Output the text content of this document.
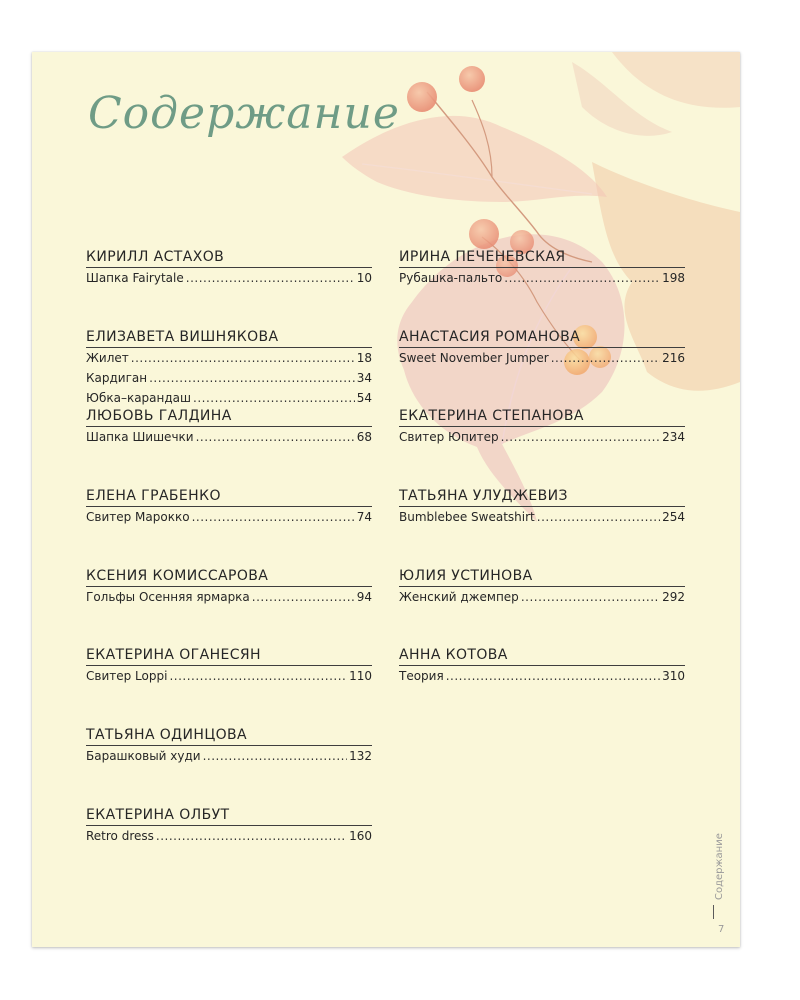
Содержание
КИРИЛЛ АСТАХОВ
Шапка Fairytale .....	10
ЕЛИЗАВЕТА ВИШНЯКОВА
Жилет .....	18
Кардиган .....	34
Юбка–карандаш .....	54
ЛЮБОВЬ ГАЛДИНА
Шапка Шишечки .....	68
ЕЛЕНА ГРАБЕНКО
Свитер Марокко .....	74
КСЕНИЯ КОМИССАРОВА
Гольфы Осенняя ярмарка .....	94
ЕКАТЕРИНА ОГАНЕСЯН
Свитер Loppi .....	110
ТАТЬЯНА ОДИНЦОВА
Барашковый худи .....	132
ЕКАТЕРИНА ОЛБУТ
Retro dress .....	160
ИРИНА ПЕЧЕНЕВСКАЯ
Рубашка-пальто .....	198
АНАСТАСИЯ РОМАНОВА
Sweet November Jumper .....	216
ЕКАТЕРИНА СТЕПАНОВА
Свитер Юпитер .....	234
ТАТЬЯНА УЛУДЖЕВИЗ
Bumblebee Sweatshirt .....	254
ЮЛИЯ УСТИНОВА
Женский джемпер .....	292
АННА КОТОВА
Теория .....	310
Содержание
7
